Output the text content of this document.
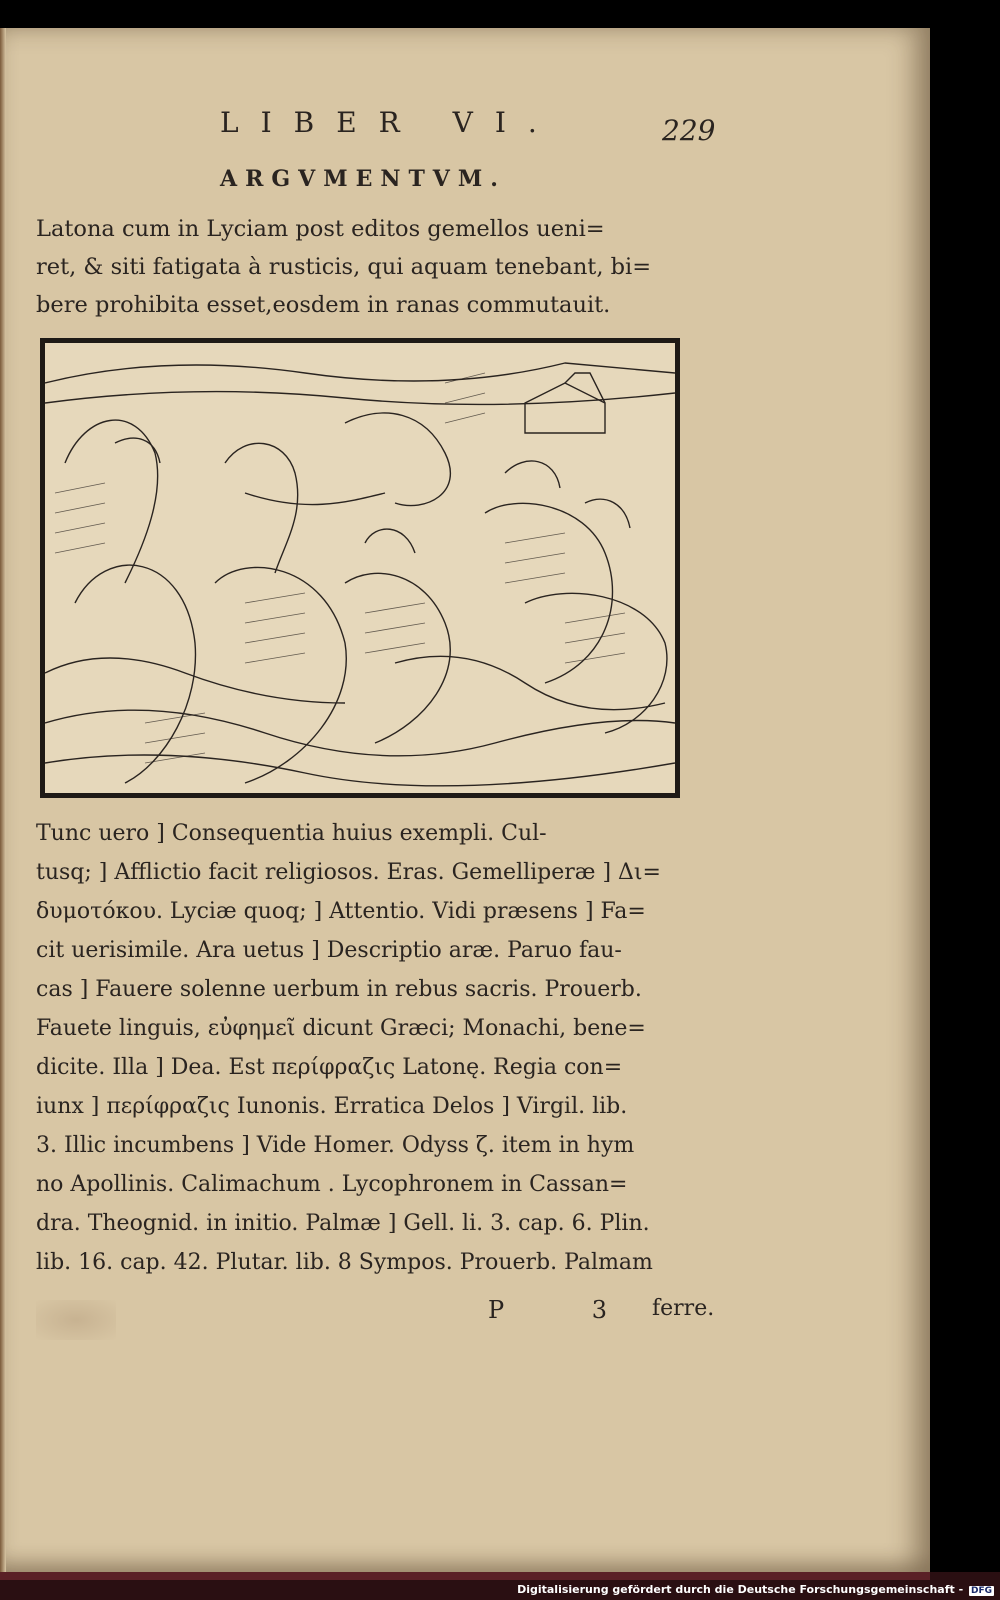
LIBER VI.	229
ARGVMENTVM.
Latona cum in Lyciam post editos gemellos ueni=
ret, & siti fatigata à rusticis, qui aquam tenebant, bi=
bere prohibita esset,eosdem in ranas commutauit.
Tunc uero ] Consequentia huius exempli. Cul-
tusq; ] Afflictio facit religiosos. Eras. Gemelliperæ ] Δι=
δυμοτόκου. Lyciæ quoq; ] Attentio. Vidi præsens ] Fa=
cit uerisimile. Ara uetus ] Descriptio aræ. Paruo fau-
cas ] Fauere solenne uerbum in rebus sacris. Prouerb.
Fauete linguis, εὐφημεῖ dicunt Græci; Monachi, bene=
dicite. Illa ] Dea. Est περίφραζις Latonę. Regia con=
iunx ] περίφραζις Iunonis. Erratica Delos ] Virgil. lib.
3. Illic incumbens ] Vide Homer. Odyss ζ. item in hym
no Apollinis. Calimachum . Lycophronem in Cassan=
dra. Theognid. in initio. Palmæ ] Gell. li. 3. cap. 6. Plin.
lib. 16. cap. 42. Plutar. lib. 8 Sympos. Prouerb. Palmam
P 3 ferre.
Digitalisierung gefördert durch die Deutsche Forschungsgemeinschaft - DFG
